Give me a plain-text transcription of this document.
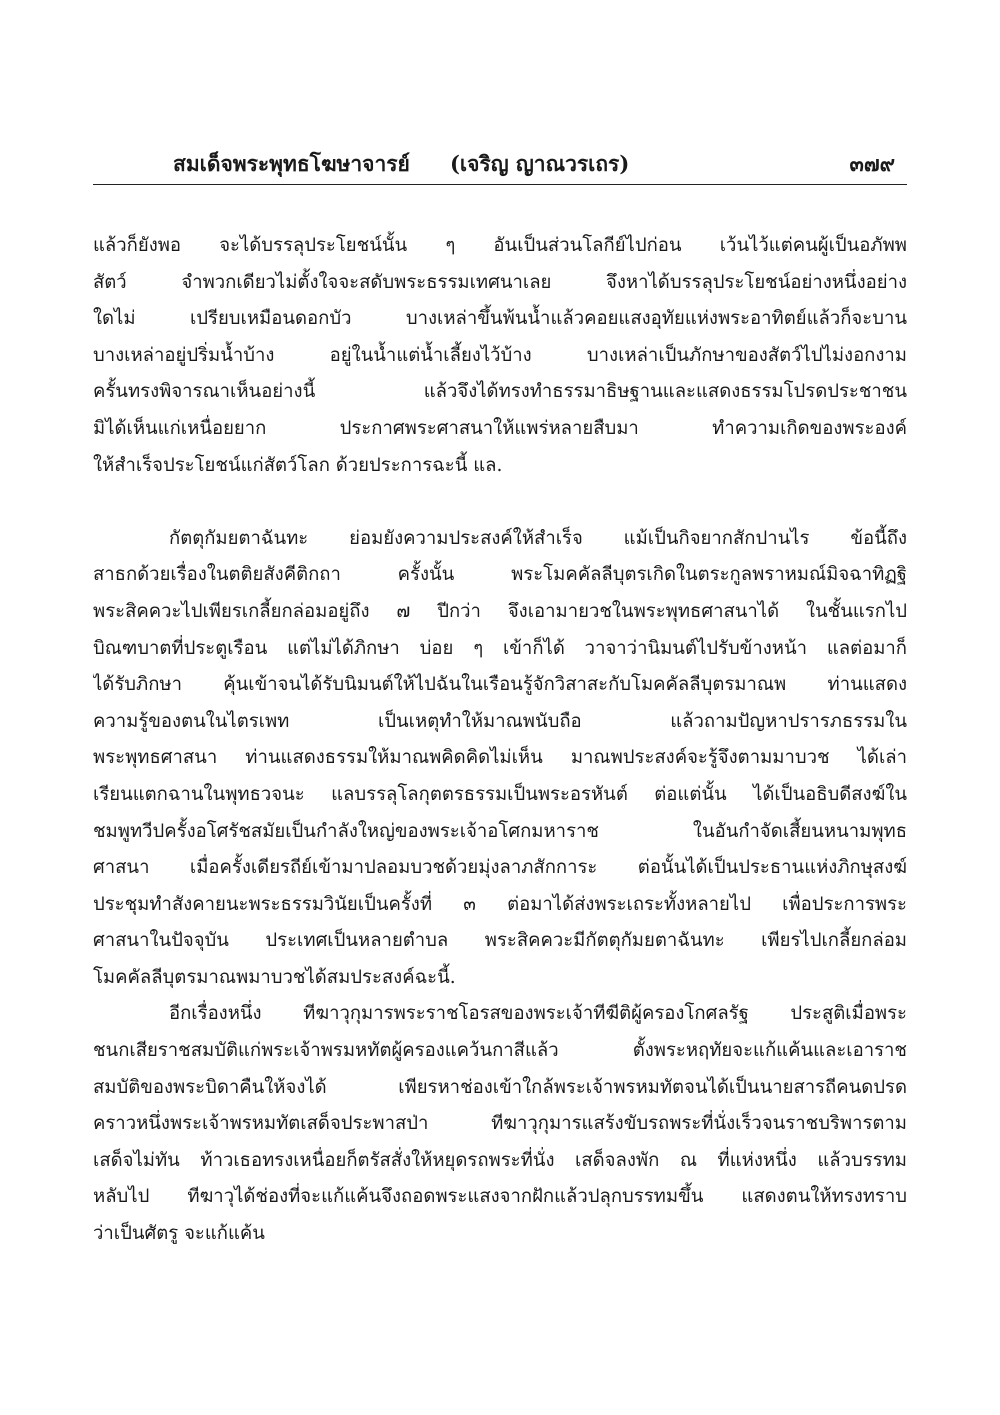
สมเด็จพระพุทธโฆษาจารย์ (เจริญ ญาณวรเถร)	๓๗๙
แล้วก็ยังพอ จะได้บรรลุประโยชน์นั้น ๆ อันเป็นส่วนโลกีย์ไปก่อน เว้นไว้แต่คนผู้เป็นอภัพพ
สัตว์ จำพวกเดียวไม่ตั้งใจจะสดับพระธรรมเทศนาเลย จึงหาได้บรรลุประโยชน์อย่างหนึ่งอย่าง
ใดไม่ เปรียบเหมือนดอกบัว บางเหล่าขึ้นพ้นน้ำแล้วคอยแสงอุทัยแห่งพระอาทิตย์แล้วก็จะบาน
บางเหล่าอยู่ปริ่มน้ำบ้าง อยู่ในน้ำแต่น้ำเลี้ยงไว้บ้าง บางเหล่าเป็นภักษาของสัตว์ไปไม่งอกงาม
ครั้นทรงพิจารณาเห็นอย่างนี้ แล้วจึงได้ทรงทำธรรมาธิษฐานและแสดงธรรมโปรดประชาชน
มิได้เห็นแก่เหนื่อยยาก ประกาศพระศาสนาให้แพร่หลายสืบมา ทำความเกิดของพระองค์
ให้สำเร็จประโยชน์แก่สัตว์โลก ด้วยประการฉะนี้ แล.
กัตตุกัมยตาฉันทะ ย่อมยังความประสงค์ให้สำเร็จ แม้เป็นกิจยากสักปานไร ข้อนี้ถึง
สาธกด้วยเรื่องในตติยสังคีติกถา ครั้งนั้น พระโมคคัลลีบุตรเกิดในตระกูลพราหมณ์มิจฉาทิฏฐิ
พระสิคควะไปเพียรเกลี้ยกล่อมอยู่ถึง ๗ ปีกว่า จึงเอามายวชในพระพุทธศาสนาได้ ในชั้นแรกไป
บิณฑบาตที่ประตูเรือน แต่ไม่ได้ภิกษา บ่อย ๆ เข้าก็ได้ วาจาว่านิมนต์ไปรับข้างหน้า แลต่อมาก็
ได้รับภิกษา คุ้นเข้าจนได้รับนิมนต์ให้ไปฉันในเรือนรู้จักวิสาสะกับโมคคัลลีบุตรมาณพ ท่านแสดง
ความรู้ของตนในไตรเพท เป็นเหตุทำให้มาณพนับถือ แล้วถามปัญหาปรารภธรรมใน
พระพุทธศาสนา ท่านแสดงธรรมให้มาณพคิดคิดไม่เห็น มาณพประสงค์จะรู้จึงตามมาบวช ได้เล่า
เรียนแตกฉานในพุทธวจนะ แลบรรลุโลกุตตรธรรมเป็นพระอรหันต์ ต่อแต่นั้น ได้เป็นอธิบดีสงฆ์ใน
ชมพูทวีปครั้งอโศรัชสมัยเป็นกำลังใหญ่ของพระเจ้าอโศกมหาราช ในอันกำจัดเสี้ยนหนามพุทธ
ศาสนา เมื่อครั้งเดียรถีย์เข้ามาปลอมบวชด้วยมุ่งลาภสักการะ ต่อนั้นได้เป็นประธานแห่งภิกษุสงฆ์
ประชุมทำสังคายนะพระธรรมวินัยเป็นครั้งที่ ๓ ต่อมาได้ส่งพระเถระทั้งหลายไป เพื่อประการพระ
ศาสนาในปัจจุบัน ประเทศเป็นหลายตำบล พระสิคควะมีกัตตุกัมยตาฉันทะ เพียรไปเกลี้ยกล่อม
โมคคัลลีบุตรมาณพมาบวชได้สมประสงค์ฉะนี้.
อีกเรื่องหนึ่ง ทีฆาวุกุมารพระราชโอรสของพระเจ้าทีฆีติผู้ครองโกศลรัฐ ประสูติเมื่อพระ
ชนกเสียราชสมบัติแก่พระเจ้าพรมหทัตผู้ครองแคว้นกาสีแล้ว ตั้งพระหฤทัยจะแก้แค้นและเอาราช
สมบัติของพระบิดาคืนให้จงได้ เพียรหาช่องเข้าใกล้พระเจ้าพรหมทัตจนได้เป็นนายสารถีคนดปรด
คราวหนึ่งพระเจ้าพรหมทัตเสด็จประพาสป่า ทีฆาวุกุมารแสร้งขับรถพระที่นั่งเร็วจนราชบริพารตาม
เสด็จไม่ทัน ท้าวเธอทรงเหนื่อยก็ตรัสสั่งให้หยุดรถพระที่นั่ง เสด็จลงพัก ณ ที่แห่งหนึ่ง แล้วบรรทม
หลับไป ทีฆาวุได้ช่องที่จะแก้แค้นจึงถอดพระแสงจากฝักแล้วปลุกบรรทมขึ้น แสดงตนให้ทรงทราบ
ว่าเป็นศัตรู จะแก้แค้น
